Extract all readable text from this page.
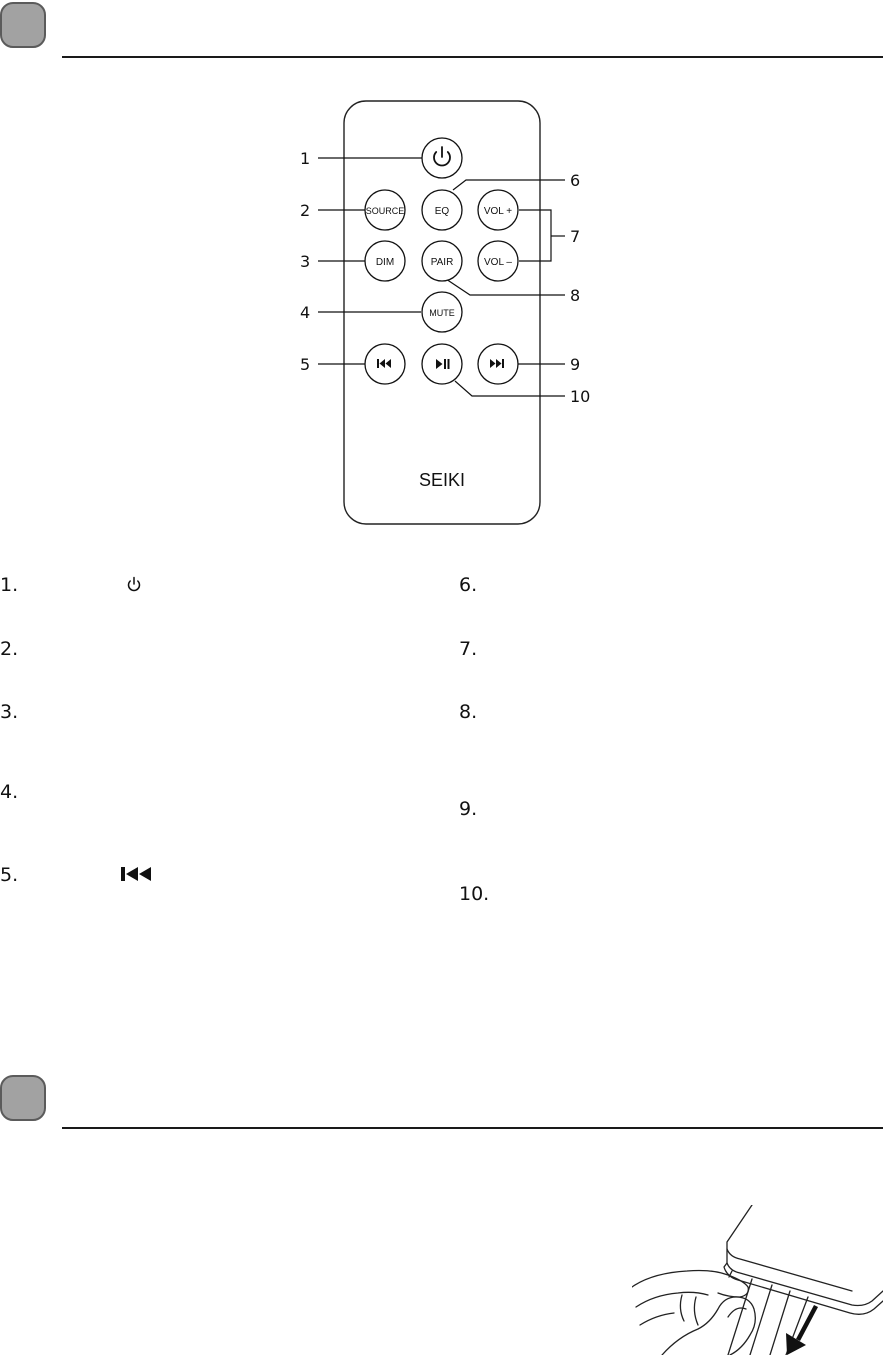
SOURCE	EQ	VOL +
DIM	PAIR	VOL –
MUTE
SEIKI
1
2
3
4
5
6
7
8
9
10
1.
2.
3.
4.
5.
6.
7.
8.
9.
10.
